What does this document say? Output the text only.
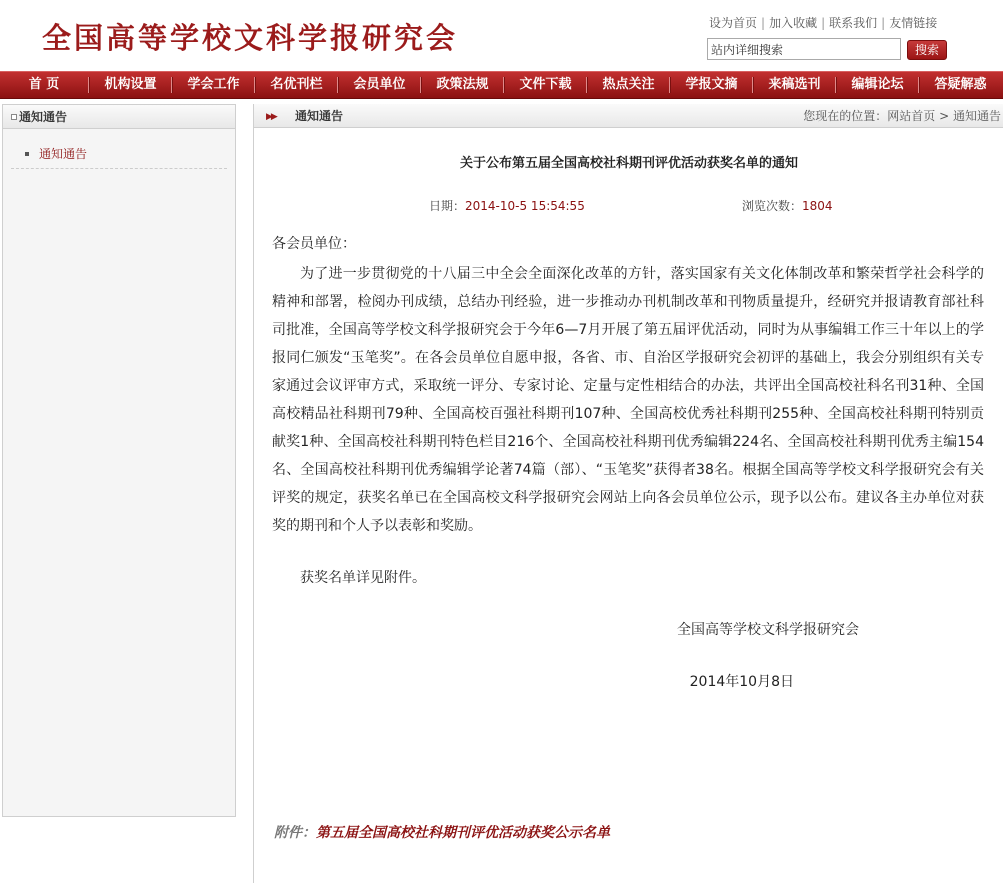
全国高等学校文科学报研究会	设为首页 | 加入收藏 | 联系我们 | 友情链接
站内详细搜索
搜索
首 页	机构设置	学会工作	名优刊栏	会员单位	政策法规	文件下载	热点关注	学报文摘	来稿选刊	编辑论坛	答疑解惑
通知通告
通知通告
▶▶ 通知通告	您现在的位置：网站首页 > 通知通告
关于公布第五届全国高校社科期刊评优活动获奖名单的通知
日期：2014-10-5 15:54:55	浏览次数：1804
各会员单位：
为了进一步贯彻党的十八届三中全会全面深化改革的方针，落实国家有关文化体制改革和繁荣哲学社会科学的精神和部署，检阅办刊成绩，总结办刊经验，进一步推动办刊机制改革和刊物质量提升，经研究并报请教育部社科司批准，全国高等学校文科学报研究会于今年6—7月开展了第五届评优活动，同时为从事编辑工作三十年以上的学报同仁颁发“玉笔奖”。在各会员单位自愿申报，各省、市、自治区学报研究会初评的基础上，我会分别组织有关专家通过会议评审方式，采取统一评分、专家讨论、定量与定性相结合的办法，共评出全国高校社科名刊31种、全国高校精品社科期刊79种、全国高校百强社科期刊107种、全国高校优秀社科期刊255种、全国高校社科期刊特别贡献奖1种、全国高校社科期刊特色栏目216个、全国高校社科期刊优秀编辑224名、全国高校社科期刊优秀主编154名、全国高校社科期刊优秀编辑学论著74篇（部）、“玉笔奖”获得者38名。根据全国高等学校文科学报研究会有关评奖的规定，获奖名单已在全国高校文科学报研究会网站上向各会员单位公示，现予以公布。建议各主办单位对获奖的期刊和个人予以表彰和奖励。
获奖名单详见附件。
全国高等学校文科学报研究会
2014年10月8日
附件：第五届全国高校社科期刊评优活动获奖公示名单
